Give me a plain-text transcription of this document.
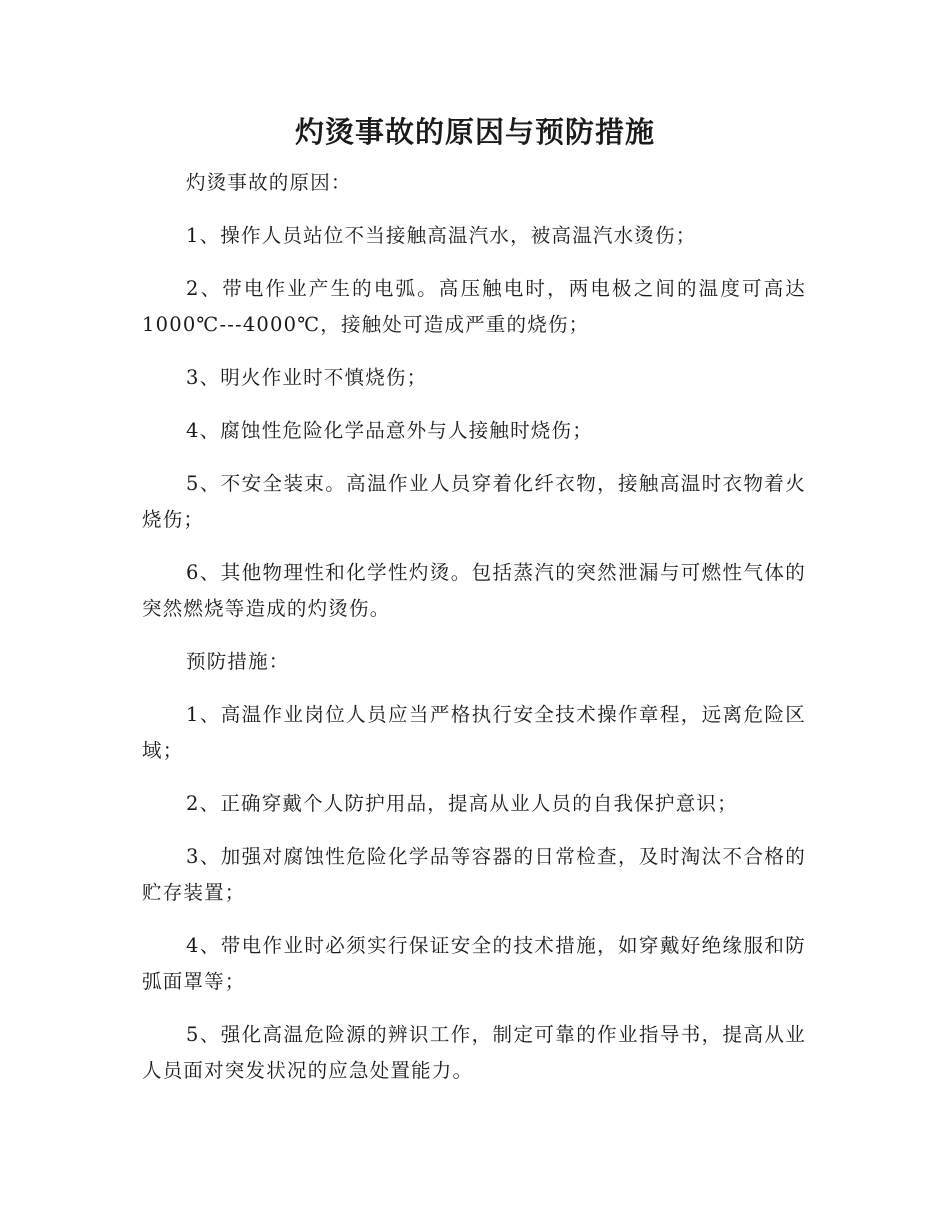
灼烫事故的原因与预防措施

灼烫事故的原因：

1、操作人员站位不当接触高温汽水，被高温汽水烫伤；

2、带电作业产生的电弧。高压触电时，两电极之间的温度可高达1000℃---4000℃，接触处可造成严重的烧伤；

3、明火作业时不慎烧伤；

4、腐蚀性危险化学品意外与人接触时烧伤；

5、不安全装束。高温作业人员穿着化纤衣物，接触高温时衣物着火烧伤；

6、其他物理性和化学性灼烫。包括蒸汽的突然泄漏与可燃性气体的突然燃烧等造成的灼烫伤。

预防措施：

1、高温作业岗位人员应当严格执行安全技术操作章程，远离危险区域；

2、正确穿戴个人防护用品，提高从业人员的自我保护意识；

3、加强对腐蚀性危险化学品等容器的日常检查，及时淘汰不合格的贮存装置；

4、带电作业时必须实行保证安全的技术措施，如穿戴好绝缘服和防弧面罩等；

5、强化高温危险源的辨识工作，制定可靠的作业指导书，提高从业人员面对突发状况的应急处置能力。
